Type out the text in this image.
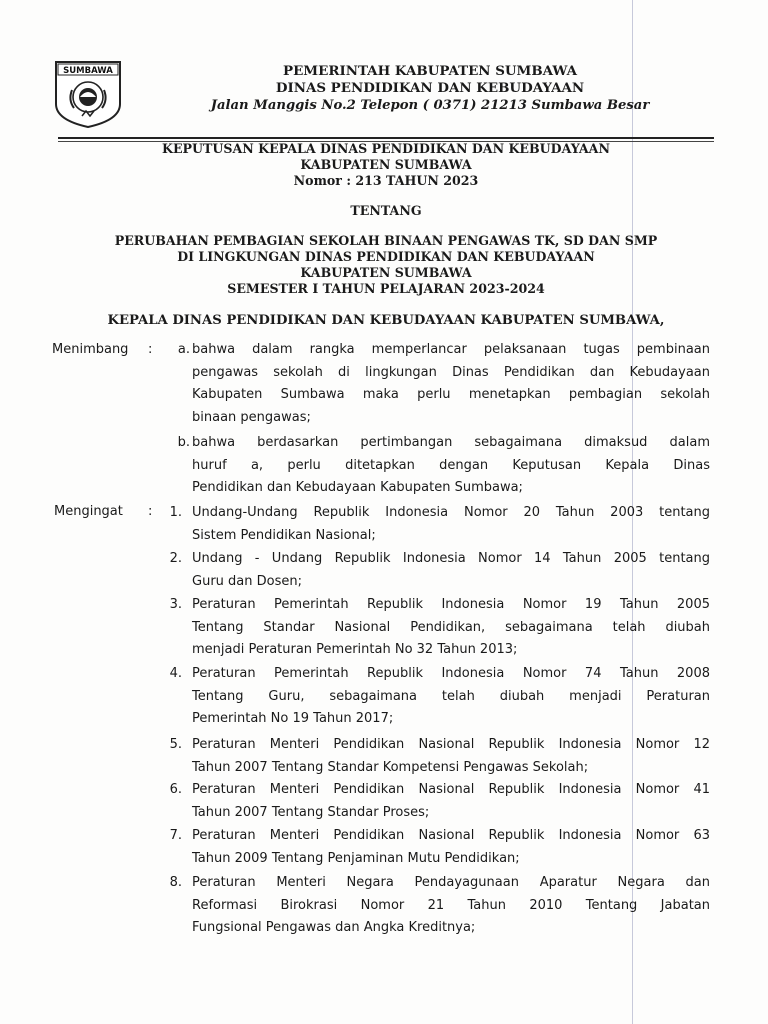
SUMBAWA	PEMERINTAH KABUPATEN SUMBAWA
DINAS PENDIDIKAN DAN KEBUDAYAAN
Jalan Manggis No.2 Telepon ( 0371) 21213 Sumbawa Besar
KEPUTUSAN KEPALA DINAS PENDIDIKAN DAN KEBUDAYAAN
KABUPATEN SUMBAWA
Nomor : 213 TAHUN 2023
TENTANG
PERUBAHAN PEMBAGIAN SEKOLAH BINAAN PENGAWAS TK, SD DAN SMP
DI LINGKUNGAN DINAS PENDIDIKAN DAN KEBUDAYAAN
KABUPATEN SUMBAWA
SEMESTER I TAHUN PELAJARAN 2023-2024
KEPALA DINAS PENDIDIKAN DAN KEBUDAYAAN KABUPATEN SUMBAWA,
Menimbang :	a. bahwa dalam rangka memperlancar pelaksanaan tugas pembinaan
pengawas sekolah di lingkungan Dinas Pendidikan dan Kebudayaan
Kabupaten Sumbawa maka perlu menetapkan pembagian sekolah
binaan pengawas;
b. bahwa berdasarkan pertimbangan sebagaimana dimaksud dalam
huruf a, perlu ditetapkan dengan Keputusan Kepala Dinas
Pendidikan dan Kebudayaan Kabupaten Sumbawa;
Mengingat :	1. Undang-Undang Republik Indonesia Nomor 20 Tahun 2003 tentang
Sistem Pendidikan Nasional;
2. Undang - Undang Republik Indonesia Nomor 14 Tahun 2005 tentang
Guru dan Dosen;
3. Peraturan Pemerintah Republik Indonesia Nomor 19 Tahun 2005
Tentang Standar Nasional Pendidikan, sebagaimana telah diubah
menjadi Peraturan Pemerintah No 32 Tahun 2013;
4. Peraturan Pemerintah Republik Indonesia Nomor 74 Tahun 2008
Tentang Guru, sebagaimana telah diubah menjadi Peraturan
Pemerintah No 19 Tahun 2017;
5. Peraturan Menteri Pendidikan Nasional Republik Indonesia Nomor 12
Tahun 2007 Tentang Standar Kompetensi Pengawas Sekolah;
6. Peraturan Menteri Pendidikan Nasional Republik Indonesia Nomor 41
Tahun 2007 Tentang Standar Proses;
7. Peraturan Menteri Pendidikan Nasional Republik Indonesia Nomor 63
Tahun 2009 Tentang Penjaminan Mutu Pendidikan;
8. Peraturan Menteri Negara Pendayagunaan Aparatur Negara dan
Reformasi Birokrasi Nomor 21 Tahun 2010 Tentang Jabatan
Fungsional Pengawas dan Angka Kreditnya;
